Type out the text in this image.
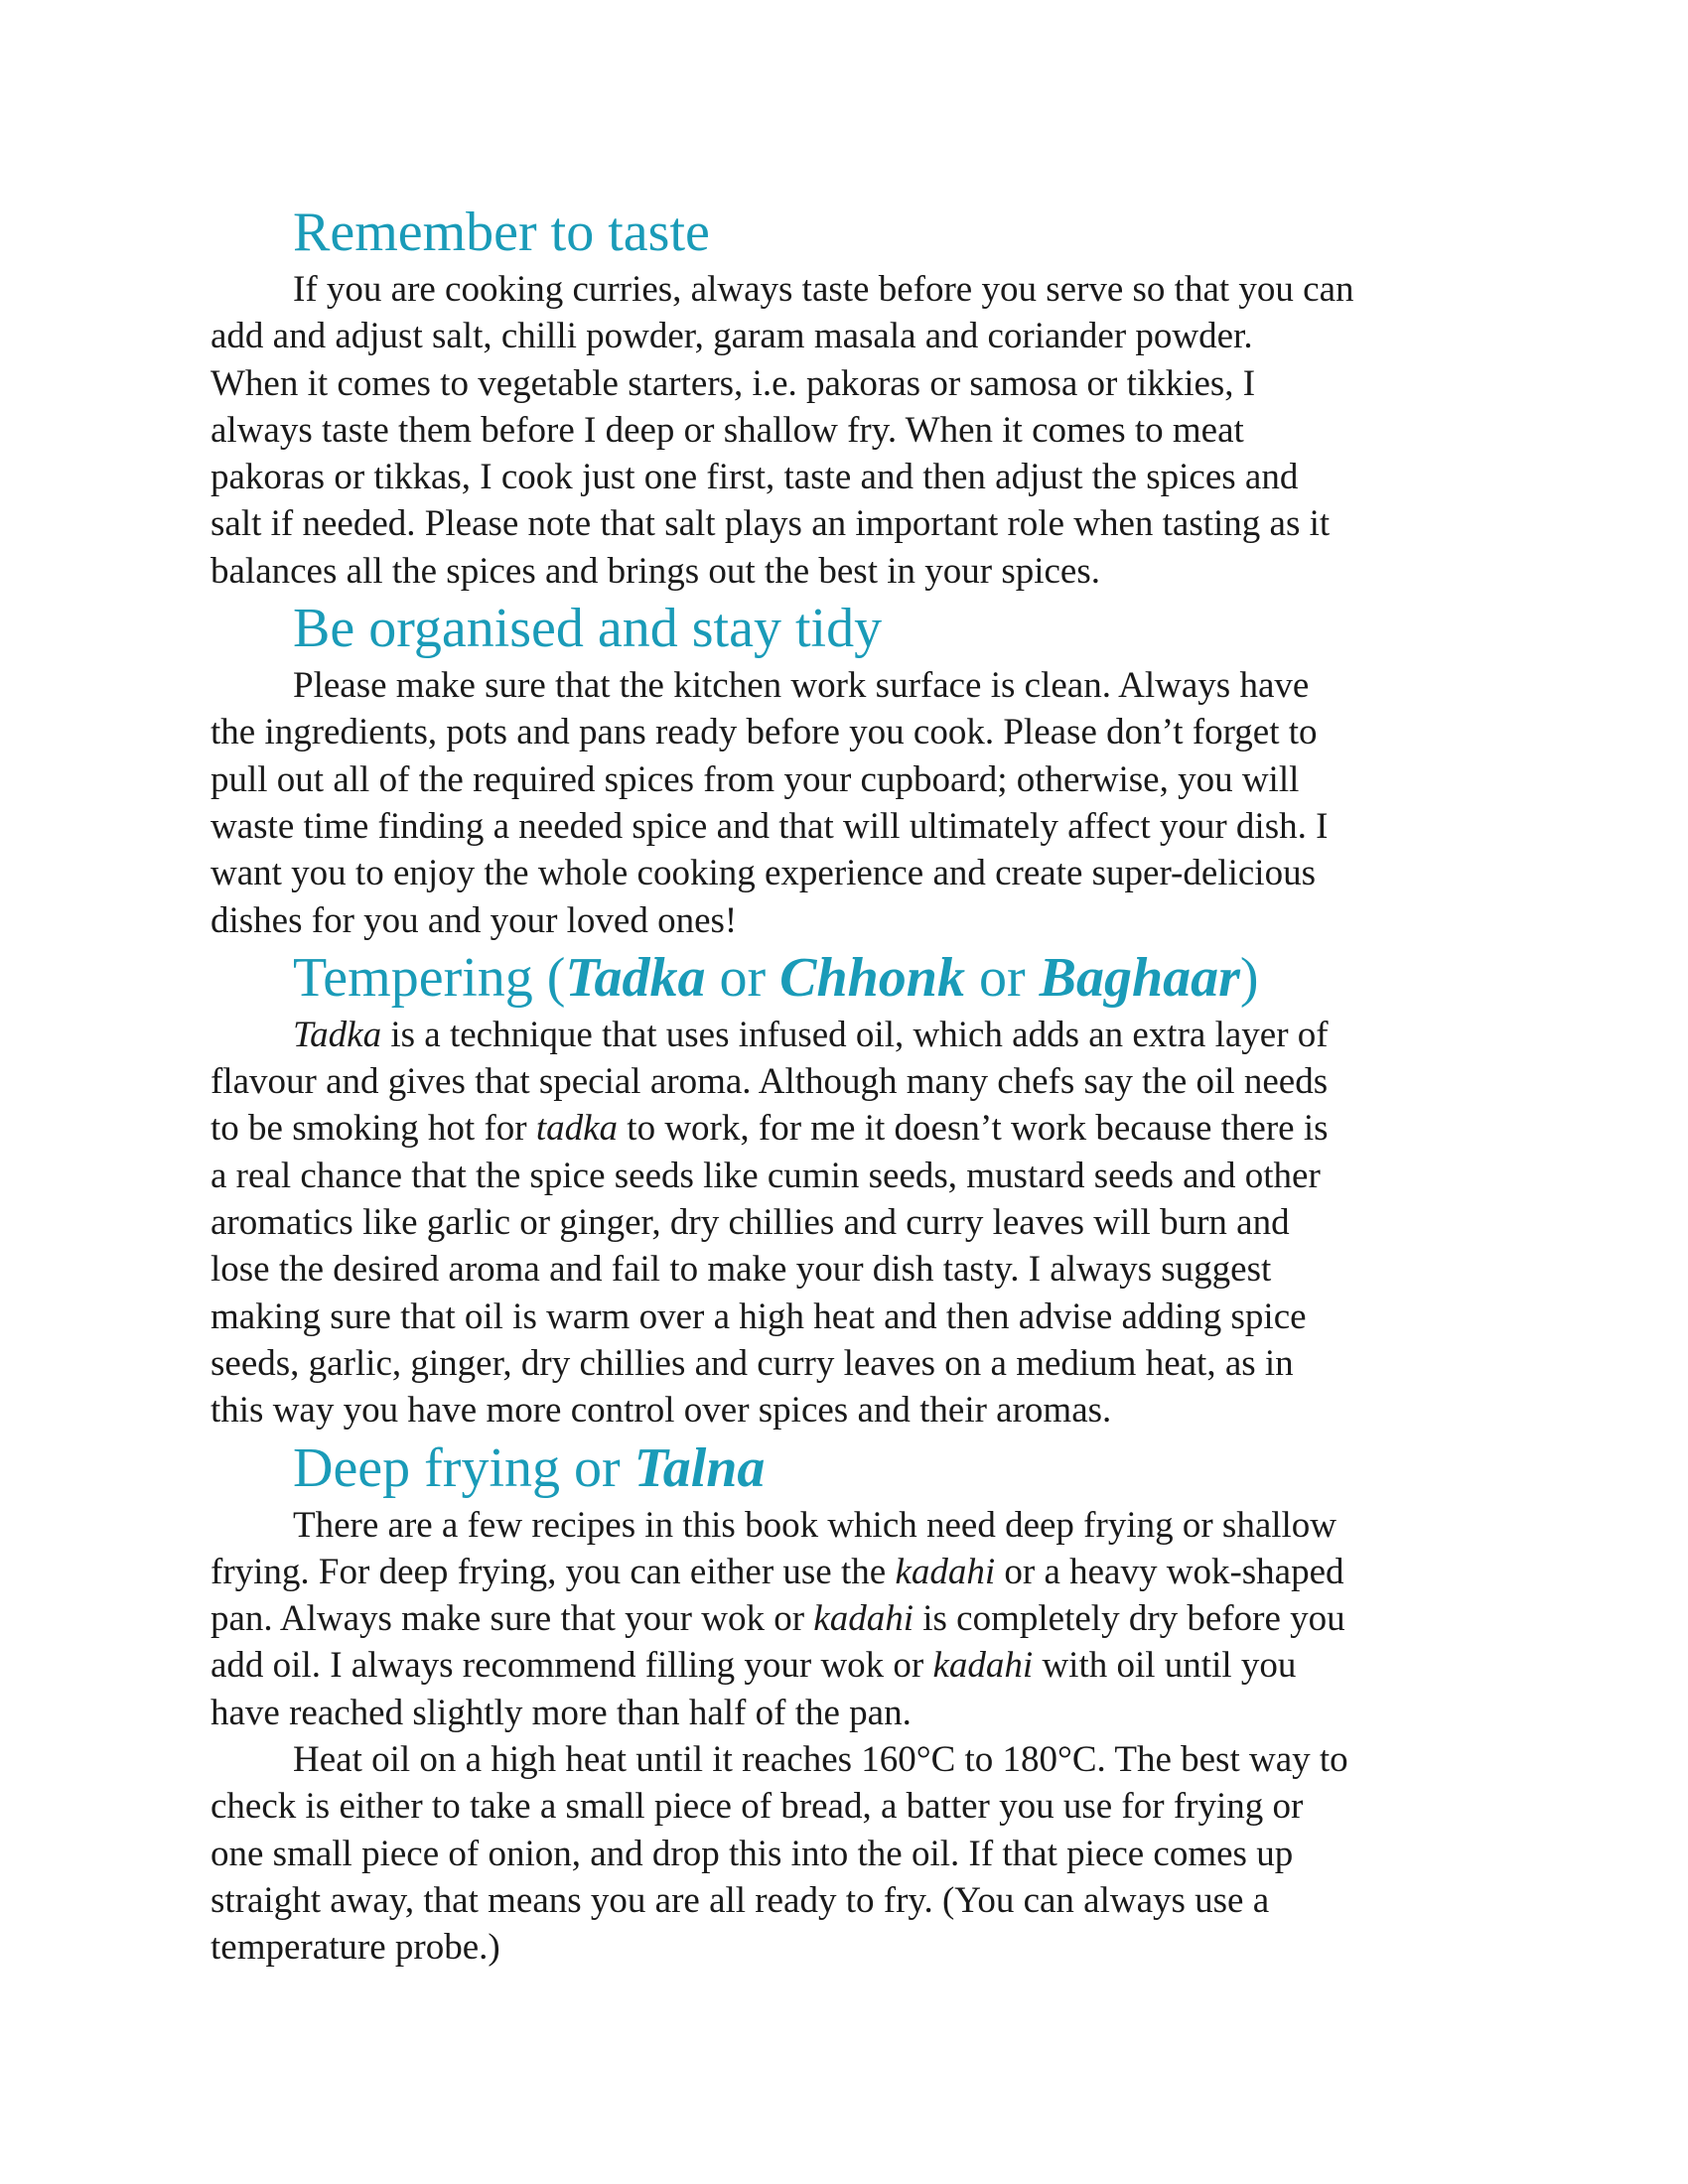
Remember to taste

If you are cooking curries, always taste before you serve so that you can
add and adjust salt, chilli powder, garam masala and coriander powder.
When it comes to vegetable starters, i.e. pakoras or samosa or tikkies, I
always taste them before I deep or shallow fry. When it comes to meat
pakoras or tikkas, I cook just one first, taste and then adjust the spices and
salt if needed. Please note that salt plays an important role when tasting as it
balances all the spices and brings out the best in your spices.

Be organised and stay tidy

Please make sure that the kitchen work surface is clean. Always have
the ingredients, pots and pans ready before you cook. Please don’t forget to
pull out all of the required spices from your cupboard; otherwise, you will
waste time finding a needed spice and that will ultimately affect your dish. I
want you to enjoy the whole cooking experience and create super-delicious
dishes for you and your loved ones!

Tempering (Tadka or Chhonk or Baghaar)

Tadka is a technique that uses infused oil, which adds an extra layer of
flavour and gives that special aroma. Although many chefs say the oil needs
to be smoking hot for tadka to work, for me it doesn’t work because there is
a real chance that the spice seeds like cumin seeds, mustard seeds and other
aromatics like garlic or ginger, dry chillies and curry leaves will burn and
lose the desired aroma and fail to make your dish tasty. I always suggest
making sure that oil is warm over a high heat and then advise adding spice
seeds, garlic, ginger, dry chillies and curry leaves on a medium heat, as in
this way you have more control over spices and their aromas.

Deep frying or Talna

There are a few recipes in this book which need deep frying or shallow
frying. For deep frying, you can either use the kadahi or a heavy wok-shaped
pan. Always make sure that your wok or kadahi is completely dry before you
add oil. I always recommend filling your wok or kadahi with oil until you
have reached slightly more than half of the pan.

Heat oil on a high heat until it reaches 160°C to 180°C. The best way to
check is either to take a small piece of bread, a batter you use for frying or
one small piece of onion, and drop this into the oil. If that piece comes up
straight away, that means you are all ready to fry. (You can always use a
temperature probe.)
